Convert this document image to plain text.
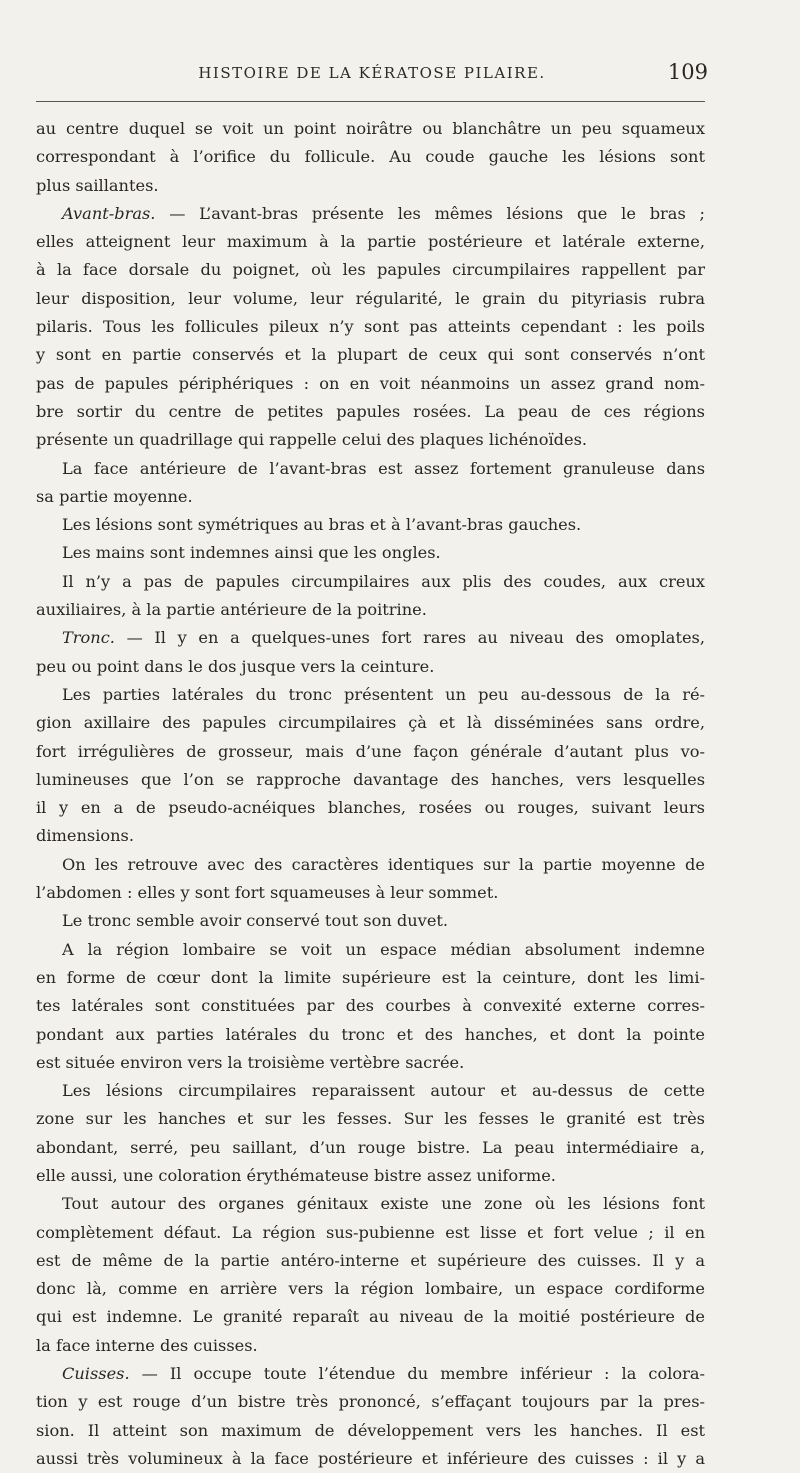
HISTOIRE DE LA KÉRATOSE PILAIRE.	109
au centre duquel se voit un point noirâtre ou blanchâtre un peu squameux
correspondant à l’orifice du follicule. Au coude gauche les lésions sont
plus saillantes.
Avant-bras. — L’avant-bras présente les mêmes lésions que le bras ;
elles atteignent leur maximum à la partie postérieure et latérale externe,
à la face dorsale du poignet, où les papules circumpilaires rappellent par
leur disposition, leur volume, leur régularité, le grain du pityriasis rubra
pilaris. Tous les follicules pileux n’y sont pas atteints cependant : les poils
y sont en partie conservés et la plupart de ceux qui sont conservés n’ont
pas de papules périphériques : on en voit néanmoins un assez grand nom-
bre sortir du centre de petites papules rosées. La peau de ces régions
présente un quadrillage qui rappelle celui des plaques lichénoïdes.
La face antérieure de l’avant-bras est assez fortement granuleuse dans
sa partie moyenne.
Les lésions sont symétriques au bras et à l’avant-bras gauches.
Les mains sont indemnes ainsi que les ongles.
Il n’y a pas de papules circumpilaires aux plis des coudes, aux creux
auxiliaires, à la partie antérieure de la poitrine.
Tronc. — Il y en a quelques-unes fort rares au niveau des omoplates,
peu ou point dans le dos jusque vers la ceinture.
Les parties latérales du tronc présentent un peu au-dessous de la ré-
gion axillaire des papules circumpilaires çà et là disséminées sans ordre,
fort irrégulières de grosseur, mais d’une façon générale d’autant plus vo-
lumineuses que l’on se rapproche davantage des hanches, vers lesquelles
il y en a de pseudo-acnéiques blanches, rosées ou rouges, suivant leurs
dimensions.
On les retrouve avec des caractères identiques sur la partie moyenne de
l’abdomen : elles y sont fort squameuses à leur sommet.
Le tronc semble avoir conservé tout son duvet.
A la région lombaire se voit un espace médian absolument indemne
en forme de cœur dont la limite supérieure est la ceinture, dont les limi-
tes latérales sont constituées par des courbes à convexité externe corres-
pondant aux parties latérales du tronc et des hanches, et dont la pointe
est située environ vers la troisième vertèbre sacrée.
Les lésions circumpilaires reparaissent autour et au-dessus de cette
zone sur les hanches et sur les fesses. Sur les fesses le granité est très
abondant, serré, peu saillant, d’un rouge bistre. La peau intermédiaire a,
elle aussi, une coloration érythémateuse bistre assez uniforme.
Tout autour des organes génitaux existe une zone où les lésions font
complètement défaut. La région sus-pubienne est lisse et fort velue ; il en
est de même de la partie antéro-interne et supérieure des cuisses. Il y a
donc là, comme en arrière vers la région lombaire, un espace cordiforme
qui est indemne. Le granité reparaît au niveau de la moitié postérieure de
la face interne des cuisses.
Cuisses. — Il occupe toute l’étendue du membre inférieur : la colora-
tion y est rouge d’un bistre très prononcé, s’effaçant toujours par la pres-
sion. Il atteint son maximum de développement vers les hanches. Il est
aussi très volumineux à la face postérieure et inférieure des cuisses : il y a
